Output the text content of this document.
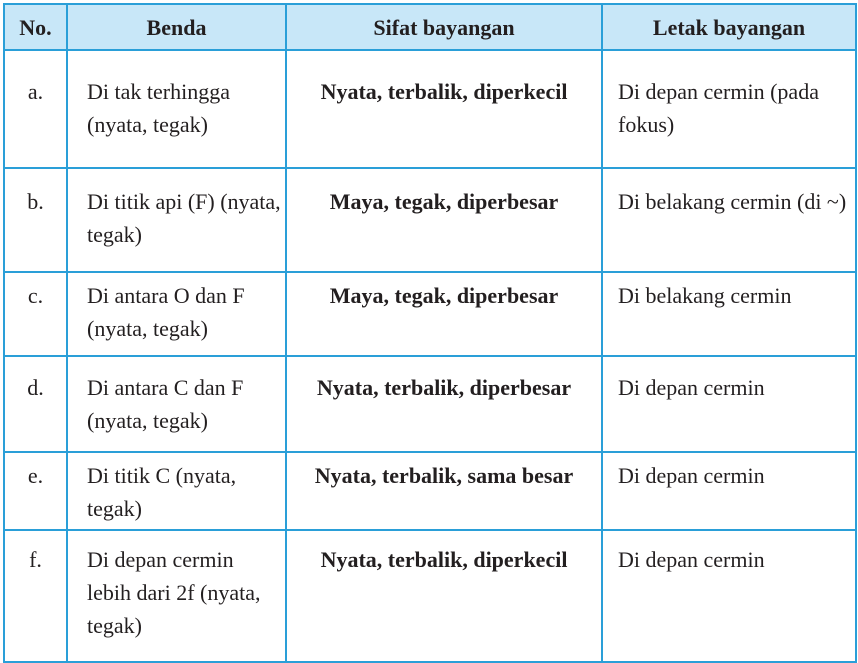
No.	Benda	Sifat bayangan	Letak bayangan
a.	Di tak terhingga (nyata, tegak)	Nyata, terbalik, diperkecil	Di depan cermin (pada fokus)
b.	Di titik api (F) (nyata, tegak)	Maya, tegak, diperbesar	Di belakang cermin (di ~)
c.	Di antara O dan F (nyata, tegak)	Maya, tegak, diperbesar	Di belakang cermin
d.	Di antara C dan F (nyata, tegak)	Nyata, terbalik, diperbesar	Di depan cermin
e.	Di titik C (nyata, tegak)	Nyata, terbalik, sama besar	Di depan cermin
f.	Di depan cermin lebih dari 2f (nyata, tegak)	Nyata, terbalik, diperkecil	Di depan cermin
